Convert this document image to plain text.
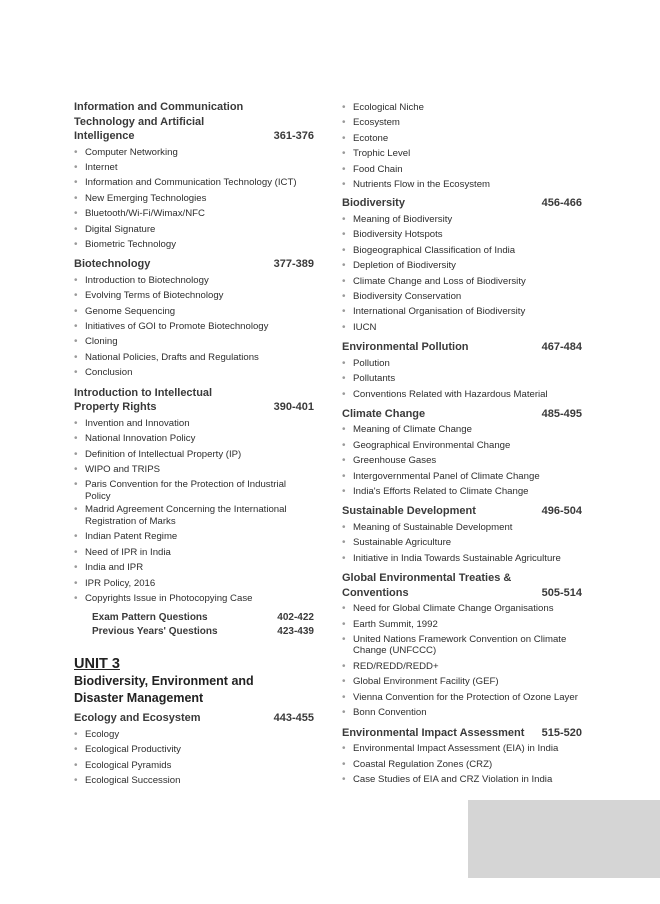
Information and Communication Technology and Artificial Intelligence	361-376
• Computer Networking
• Internet
• Information and Communication Technology (ICT)
• New Emerging Technologies
• Bluetooth/Wi-Fi/Wimax/NFC
• Digital Signature
• Biometric Technology
Biotechnology	377-389
• Introduction to Biotechnology
• Evolving Terms of Biotechnology
• Genome Sequencing
• Initiatives of GOI to Promote Biotechnology
• Cloning
• National Policies, Drafts and Regulations
• Conclusion
Introduction to Intellectual Property Rights	390-401
• Invention and Innovation
• National Innovation Policy
• Definition of Intellectual Property (IP)
• WIPO and TRIPS
• Paris Convention for the Protection of Industrial Policy
• Madrid Agreement Concerning the International Registration of Marks
• Indian Patent Regime
• Need of IPR in India
• India and IPR
• IPR Policy, 2016
• Copyrights Issue in Photocopying Case
Exam Pattern Questions	402-422
Previous Years' Questions	423-439
UNIT 3
Biodiversity, Environment and
Disaster Management
Ecology and Ecosystem	443-455
• Ecology
• Ecological Productivity
• Ecological Pyramids
• Ecological Succession
• Ecological Niche
• Ecosystem
• Ecotone
• Trophic Level
• Food Chain
• Nutrients Flow in the Ecosystem
Biodiversity	456-466
• Meaning of Biodiversity
• Biodiversity Hotspots
• Biogeographical Classification of India
• Depletion of Biodiversity
• Climate Change and Loss of Biodiversity
• Biodiversity Conservation
• International Organisation of Biodiversity
• IUCN
Environmental Pollution	467-484
• Pollution
• Pollutants
• Conventions Related with Hazardous Material
Climate Change	485-495
• Meaning of Climate Change
• Geographical Environmental Change
• Greenhouse Gases
• Intergovernmental Panel of Climate Change
• India's Efforts Related to Climate Change
Sustainable Development	496-504
• Meaning of Sustainable Development
• Sustainable Agriculture
• Initiative in India Towards Sustainable Agriculture
Global Environmental Treaties & Conventions	505-514
• Need for Global Climate Change Organisations
• Earth Summit, 1992
• United Nations Framework Convention on Climate Change (UNFCCC)
• RED/REDD/REDD+
• Global Environment Facility (GEF)
• Vienna Convention for the Protection of Ozone Layer
• Bonn Convention
Environmental Impact Assessment 515-520
• Environmental Impact Assessment (EIA) in India
• Coastal Regulation Zones (CRZ)
• Case Studies of EIA and CRZ Violation in India
